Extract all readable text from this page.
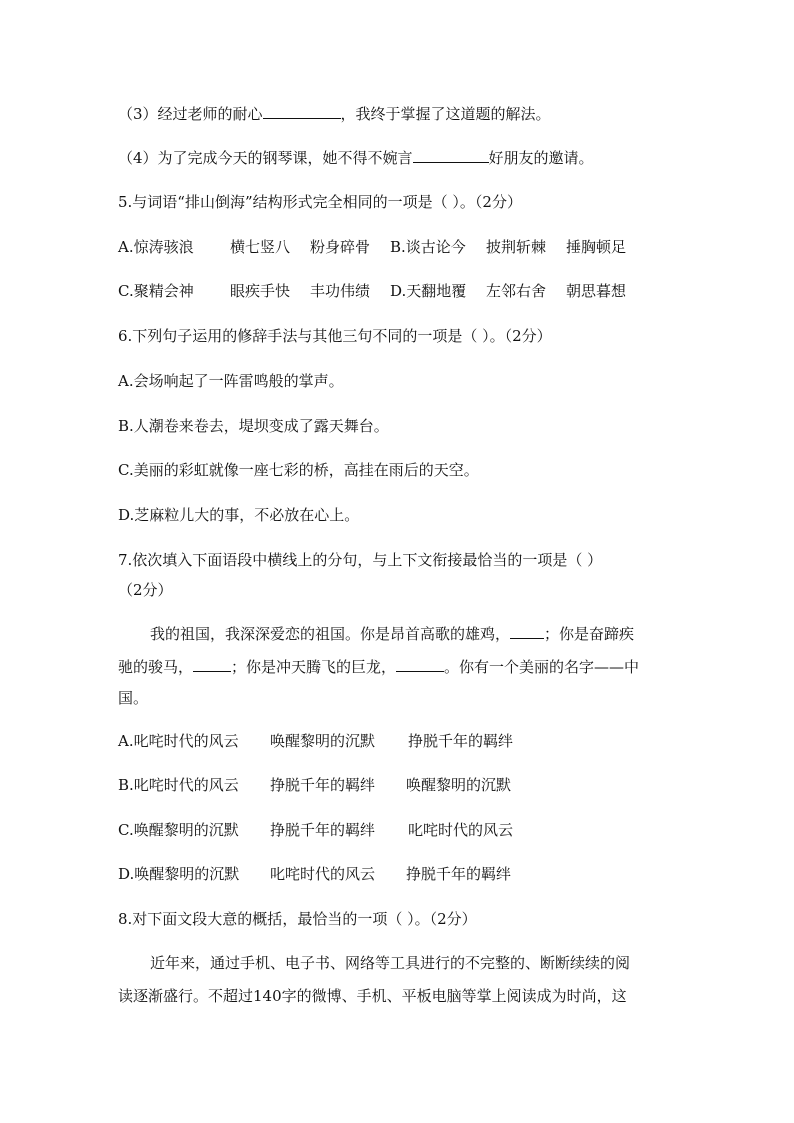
（3）经过老师的耐心	，我终于掌握了这道题的解法。
（4）为了完成今天的钢琴课，她不得不婉言	好朋友的邀请。
5.与词语“排山倒海”结构形式完全相同的一项是（ ）。（2分）
A.惊涛骇浪 横七竖八 粉身碎骨 B.谈古论今 披荆斩棘 捶胸顿足
C.聚精会神 眼疾手快 丰功伟绩 D.天翻地覆 左邻右舍 朝思暮想
6.下列句子运用的修辞手法与其他三句不同的一项是（ ）。（2分）
A.会场响起了一阵雷鸣般的掌声。
B.人潮卷来卷去，堤坝变成了露天舞台。
C.美丽的彩虹就像一座七彩的桥，高挂在雨后的天空。
D.芝麻粒儿大的事，不必放在心上。
7.依次填入下面语段中横线上的分句，与上下文衔接最恰当的一项是（ ）
（2分）
我的祖国，我深深爱恋的祖国。你是昂首高歌的雄鸡， ；你是奋蹄疾
驰的骏马，	；你是冲天腾飞的巨龙，	。你有一个美丽的名字——中
国。
A.叱咤时代的风云 唤醒黎明的沉默 挣脱千年的羁绊
B.叱咤时代的风云 挣脱千年的羁绊 唤醒黎明的沉默
C.唤醒黎明的沉默 挣脱千年的羁绊 叱咤时代的风云
D.唤醒黎明的沉默 叱咤时代的风云 挣脱千年的羁绊
8.对下面文段大意的概括，最恰当的一项（ ）。（2分）
近年来，通过手机、电子书、网络等工具进行的不完整的、断断续续的阅
读逐渐盛行。不超过140字的微博、手机、平板电脑等掌上阅读成为时尚，这
